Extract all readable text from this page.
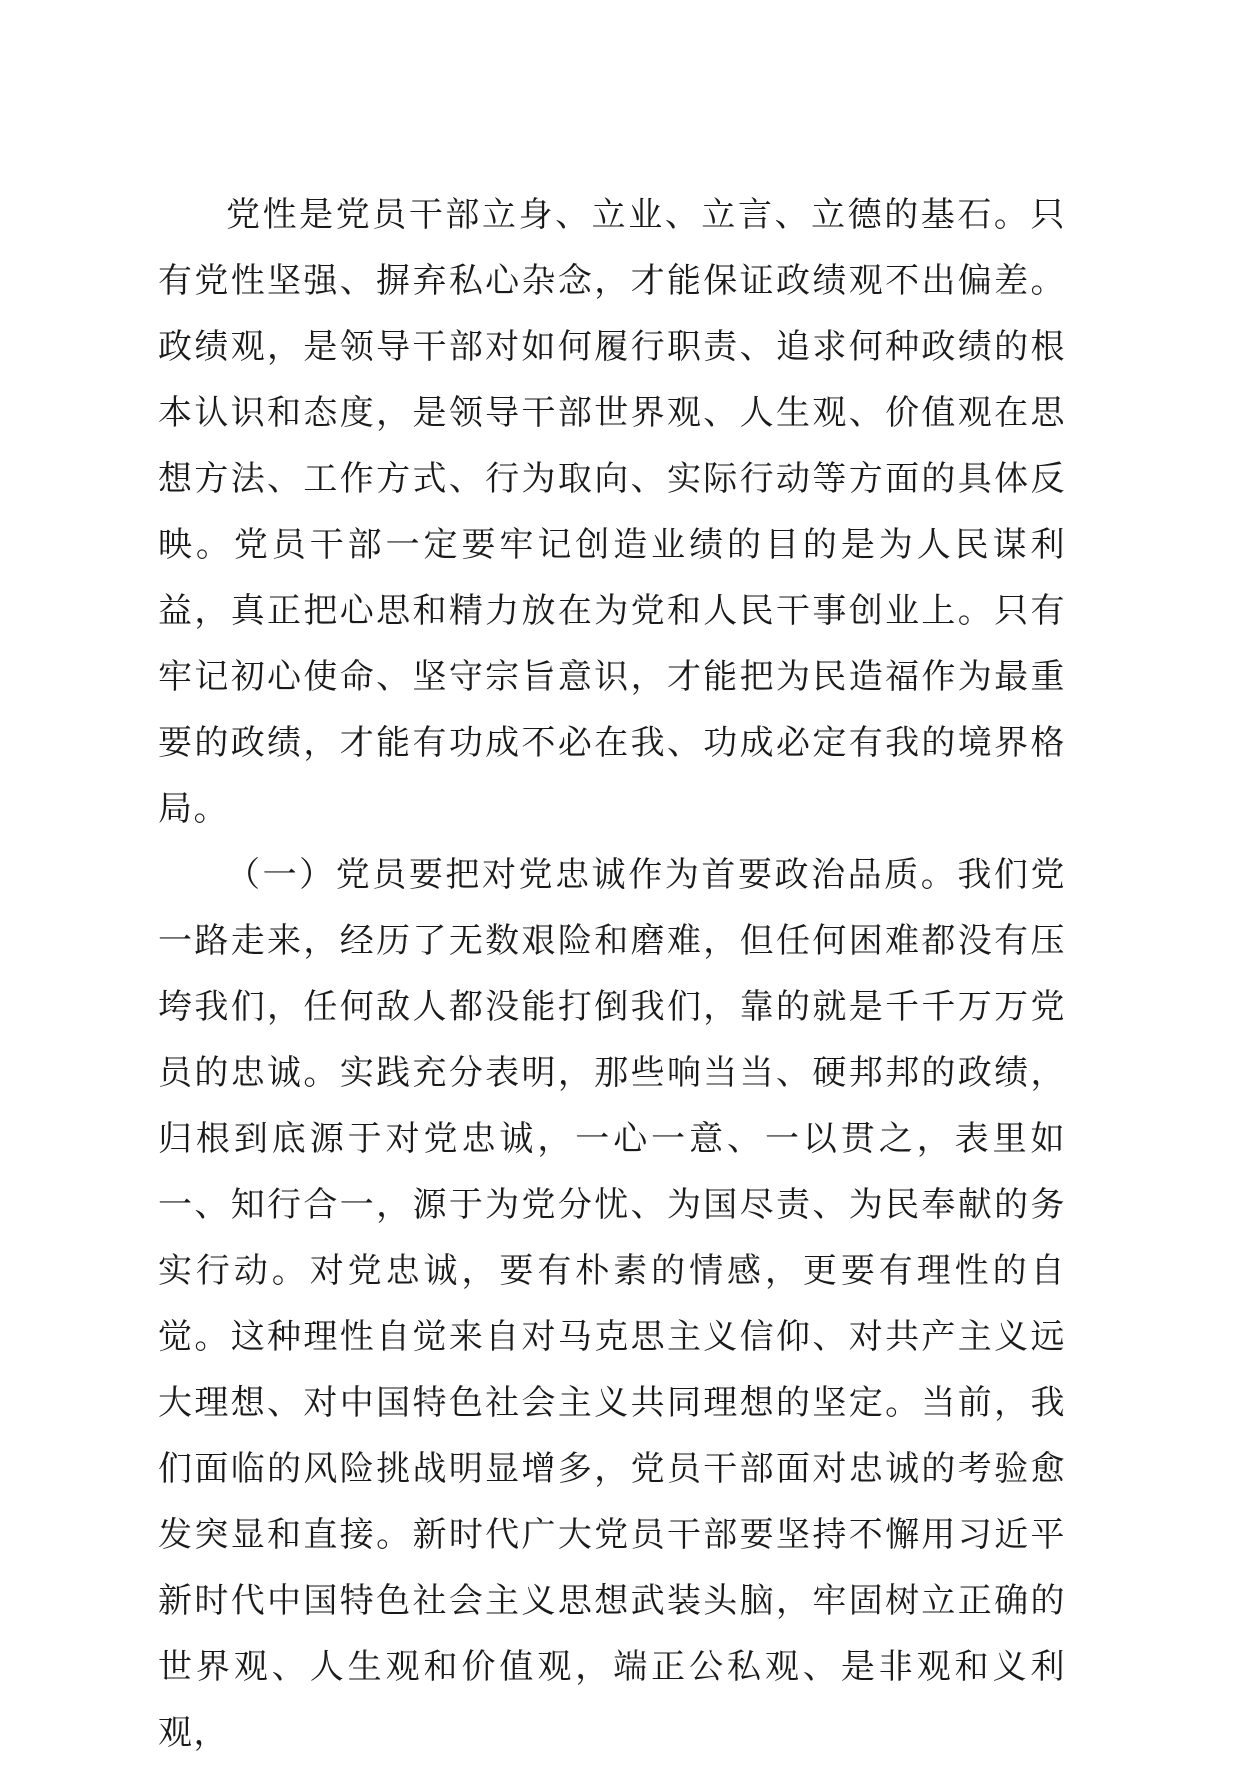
党性是党员干部立身、立业、立言、立德的基石。只有党性坚强、摒弃私心杂念，才能保证政绩观不出偏差。政绩观，是领导干部对如何履行职责、追求何种政绩的根本认识和态度，是领导干部世界观、人生观、价值观在思想方法、工作方式、行为取向、实际行动等方面的具体反映。党员干部一定要牢记创造业绩的目的是为人民谋利益，真正把心思和精力放在为党和人民干事创业上。只有牢记初心使命、坚守宗旨意识，才能把为民造福作为最重要的政绩，才能有功成不必在我、功成必定有我的境界格局。

（一）党员要把对党忠诚作为首要政治品质。我们党一路走来，经历了无数艰险和磨难，但任何困难都没有压垮我们，任何敌人都没能打倒我们，靠的就是千千万万党员的忠诚。实践充分表明，那些响当当、硬邦邦的政绩，归根到底源于对党忠诚，一心一意、一以贯之，表里如一、知行合一，源于为党分忧、为国尽责、为民奉献的务实行动。对党忠诚，要有朴素的情感，更要有理性的自觉。这种理性自觉来自对马克思主义信仰、对共产主义远大理想、对中国特色社会主义共同理想的坚定。当前，我们面临的风险挑战明显增多，党员干部面对忠诚的考验愈发突显和直接。新时代广大党员干部要坚持不懈用习近平新时代中国特色社会主义思想武装头脑，牢固树立正确的世界观、人生观和价值观，端正公私观、是非观和义利观，
